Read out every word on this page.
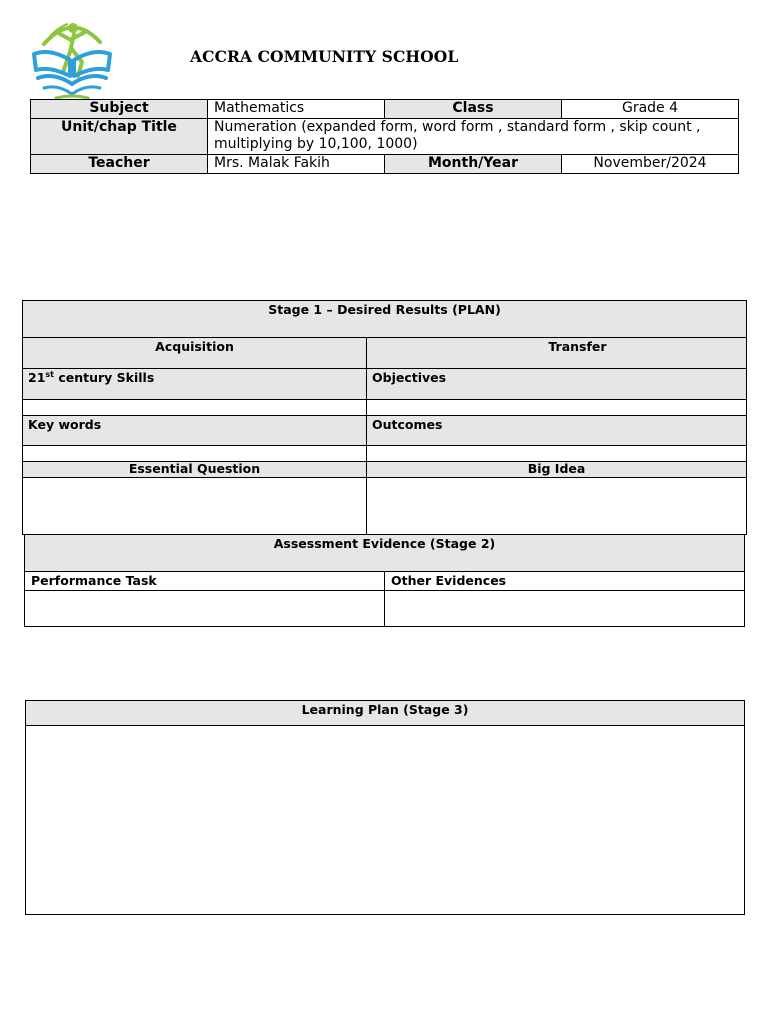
ACCRA COMMUNITY SCHOOL
Subject	Mathematics	Class	Grade 4
Unit/chap Title	Numeration (expanded form, word form , standard form , skip count , multiplying by 10,100, 1000)		
Teacher	Mrs. Malak Fakih	Month/Year	November/2024
Stage 1 – Desired Results (PLAN)	
Acquisition	Transfer
21st century Skills	Objectives

Key words	Outcomes

Essential Question	Big Idea

Assessment Evidence (Stage 2)	
Performance Task	Other Evidences

Learning Plan (Stage 3)
